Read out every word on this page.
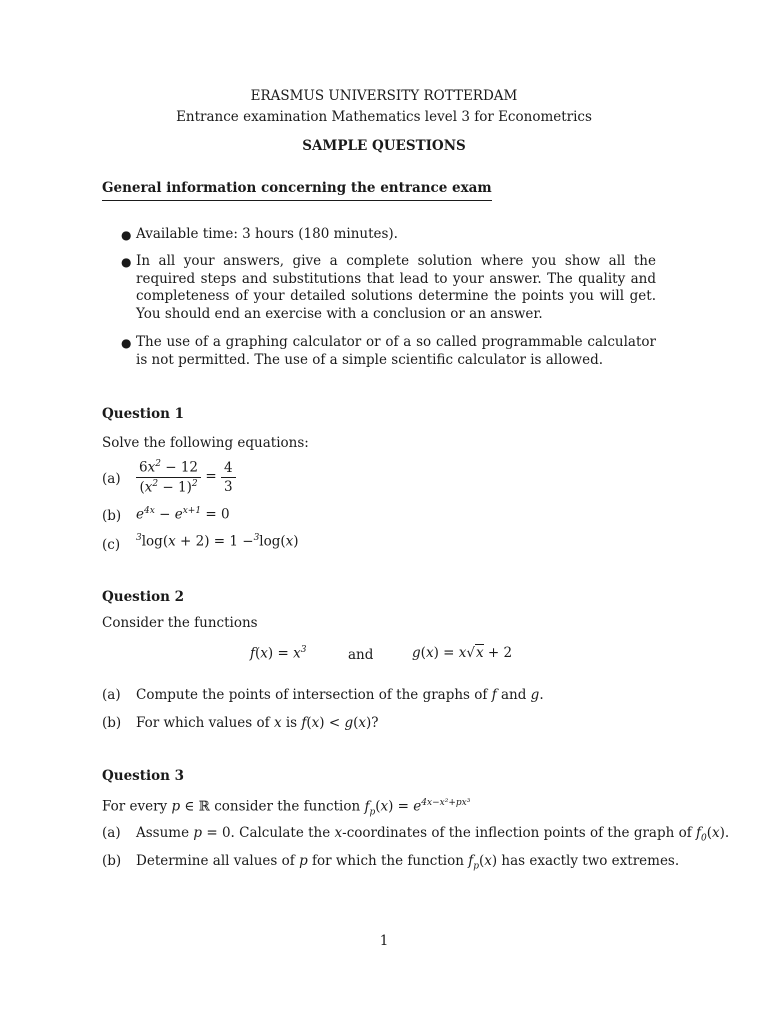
ERASMUS UNIVERSITY ROTTERDAM
Entrance examination Mathematics level 3 for Econometrics
SAMPLE QUESTIONS
General information concerning the entrance exam
● Available time: 3 hours (180 minutes).
● In all your answers, give a complete solution where you show all the required steps and substitutions that lead to your answer. The quality and completeness of your detailed solutions determine the points you will get. You should end an exercise with a conclusion or an answer.
● The use of a graphing calculator or of a so called programmable calculator is not permitted. The use of a simple scientific calculator is allowed.
Question 1
Solve the following equations:
$(a) \frac{6x^2 - 12}{(x^2 - 1)^2} = \frac{4}{3}$
(b) $e^{4x} - e^{x+1} = 0$
(c) $^3$log(x + 2) = 1 −$^3$log(x)
Question 2
Consider the functions
$f(x) = x^3$	and	g(x) = x√x + 2
(a) Compute the points of intersection of the graphs of f and g.
(b) For which values of x is f(x) < g(x)?
Question 3
For every p ∈ ℝ consider the function $f_p(x) = e^{4x-x^2+px^3}$
(a) Assume p = 0. Calculate the x-coordinates of the inflection points of the graph of $f_0(x)$.
(b) Determine all values of p for which the function $f_p(x)$ has exactly two extremes.
1
